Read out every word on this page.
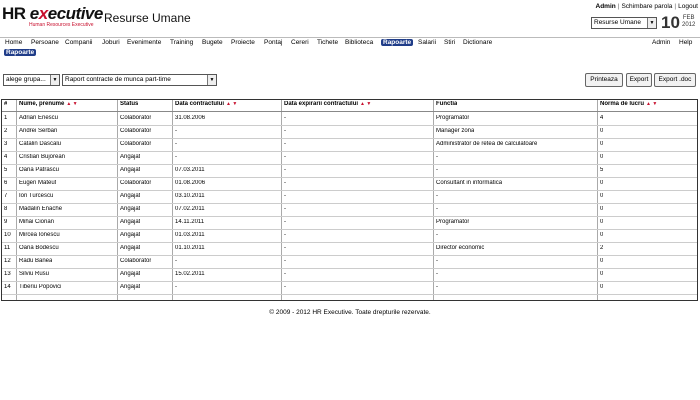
HR executive
Human Resources Executive Resurse Umane
Admin | Schimbare parola | Logout
Resurse Umane	▼ 10 FEB
2012
Home Persoane Companii Joburi Evenimente Training Bugete Proiecte Pontaj Cereri Tichete Biblioteca	Rapoarte	Salarii Stiri Dictionare	Admin Help
Rapoarte
alege grupa...	▼	Raport contracte de munca part-time	▼	Printeaza	Export	Export .doc
# Nume, prenume ▲ ▼	Status	Data contractului ▲ ▼	Data expirarii contractului ▲ ▼	Functia	Norma de lucru ▲ ▼
1 Adrian Enescu	Colaborator	31.08.2006	-	Programator	4
2 Andrei Serban	Colaborator	-	-	Manager zona	0
3 Catalin Dascalu	Colaborator	-	-	Administrator de retea de calculatoare	0
4 Cristian Bujorean	Angajat	-	-	-	0
5 Oana Patrascu	Angajat	07.03.2011	-	-	5
6 Eugen Mateut	Colaborator	01.08.2006	-	Consultant in informatica	0
7 Ion Turcescu	Angajat	03.10.2011	-	-	0
8 Madalin Enache	Angajat	07.02.2011	-	-	0
9 Mihai Ciorian	Angajat	14.11.2011	-	Programator	0
10 Mircea Ionescu	Angajat	01.03.2011	-	-	0
11 Oana Bodescu	Angajat	01.10.2011	-	Director economic	2
12 Radu Banea	Colaborator	-	-	-	0
13 Silviu Rusu	Angajat	15.02.2011	-	-	0
14 Tiberiu Popovici	Angajat	-	-	-	0
© 2009 - 2012 HR Executive. Toate drepturile rezervate.
